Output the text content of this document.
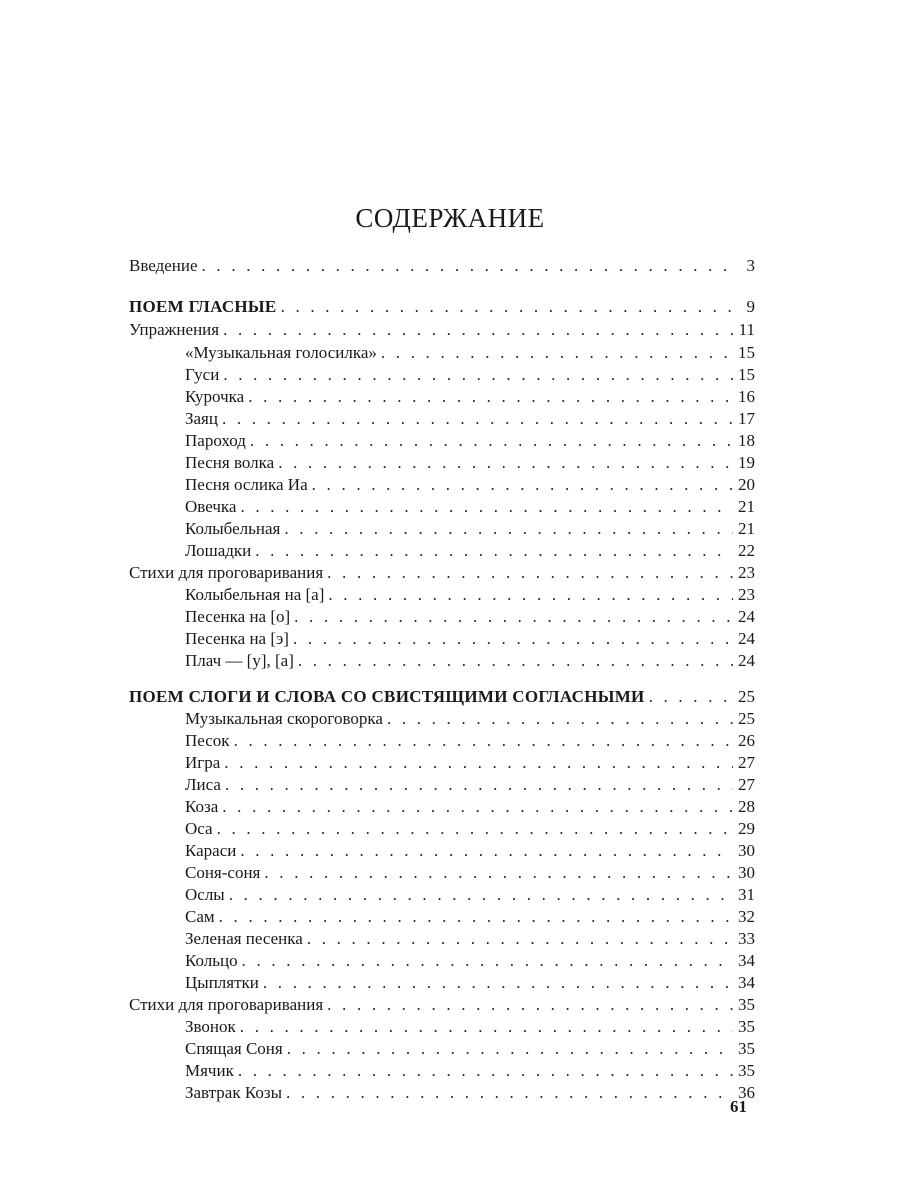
СОДЕРЖАНИЕ
Введение . . .	3
ПОЕМ ГЛАСНЫЕ . . .	9
Упражнения . . .	11
«Музыкальная голосилка» . . .	15
Гуси . . .	15
Курочка . . .	16
Заяц . . .	17
Пароход . . .	18
Песня волка . . .	19
Песня ослика Иа . . .	20
Овечка . . .	21
Колыбельная . . .	21
Лошадки . . .	22
Стихи для проговаривания . . .	23
Колыбельная на [а] . . .	23
Песенка на [о] . . .	24
Песенка на [э] . . .	24
Плач — [у], [а] . . .	24
ПОЕМ СЛОГИ И СЛОВА СО СВИСТЯЩИМИ СОГЛАСНЫМИ . . .	25
Музыкальная скороговорка . . .	25
Песок . . .	26
Игра . . .	27
Лиса . . .	27
Коза . . .	28
Оса . . .	29
Караси . . .	30
Соня-соня . . .	30
Ослы . . .	31
Сам . . .	32
Зеленая песенка . . .	33
Кольцо . . .	34
Цыплятки . . .	34
Стихи для проговаривания . . .	35
Звонок . . .	35
Спящая Соня . . .	35
Мячик . . .	35
Завтрак Козы . . .	36
61
